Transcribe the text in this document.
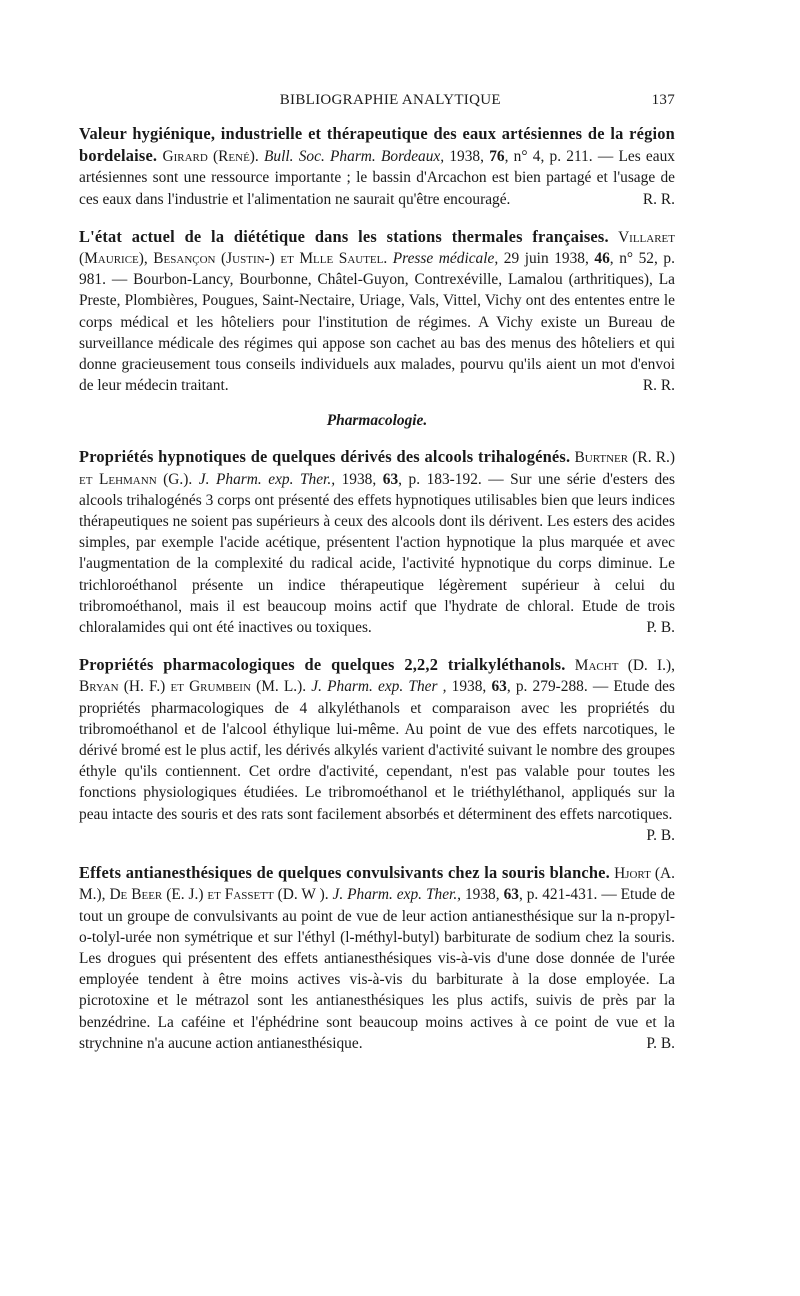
BIBLIOGRAPHIE ANALYTIQUE	137

Valeur hygiénique, industrielle et thérapeutique des eaux artésiennes de la région bordelaise. Girard (René). Bull. Soc. Pharm. Bordeaux, 1938, 76, n° 4, p. 211. — Les eaux artésiennes sont une ressource importante ; le bassin d'Arcachon est bien partagé et l'usage de ces eaux dans l'industrie et l'alimentation ne saurait qu'être encouragé.	R. R.

L'état actuel de la diététique dans les stations thermales françaises. Villaret (Maurice), Besançon (Justin-) et Mlle Sautel. Presse médicale, 29 juin 1938, 46, n° 52, p. 981. — Bourbon-Lancy, Bourbonne, Châtel-Guyon, Contrexéville, Lamalou (arthritiques), La Preste, Plombières, Pougues, Saint-Nectaire, Uriage, Vals, Vittel, Vichy ont des ententes entre le corps médical et les hôteliers pour l'institution de régimes. A Vichy existe un Bureau de surveillance médicale des régimes qui appose son cachet au bas des menus des hôteliers et qui donne gracieusement tous conseils individuels aux malades, pourvu qu'ils aient un mot d'envoi de leur médecin traitant.	R. R.

Pharmacologie.

Propriétés hypnotiques de quelques dérivés des alcools trihalogénés. Burtner (R. R.) et Lehmann (G.). J. Pharm. exp. Ther., 1938, 63, p. 183-192. — Sur une série d'esters des alcools trihalogénés 3 corps ont présenté des effets hypnotiques utilisables bien que leurs indices thérapeutiques ne soient pas supérieurs à ceux des alcools dont ils dérivent. Les esters des acides simples, par exemple l'acide acétique, présentent l'action hypnotique la plus marquée et avec l'augmentation de la complexité du radical acide, l'activité hypnotique du corps diminue. Le trichloroéthanol présente un indice thérapeutique légèrement supérieur à celui du tribromoéthanol, mais il est beaucoup moins actif que l'hydrate de chloral. Etude de trois chloralamides qui ont été inactives ou toxiques.	P. B.

Propriétés pharmacologiques de quelques 2,2,2 trialkyléthanols. Macht (D. I.), Bryan (H. F.) et Grumbein (M. L.). J. Pharm. exp. Ther , 1938, 63, p. 279-288. — Etude des propriétés pharmacologiques de 4 alkyléthanols et comparaison avec les propriétés du tribromoéthanol et de l'alcool éthylique lui-même. Au point de vue des effets narcotiques, le dérivé bromé est le plus actif, les dérivés alkylés varient d'activité suivant le nombre des groupes éthyle qu'ils contiennent. Cet ordre d'activité, cependant, n'est pas valable pour toutes les fonctions physiologiques étudiées. Le tribromoéthanol et le triéthyléthanol, appliqués sur la peau intacte des souris et des rats sont facilement absorbés et déterminent des effets narcotiques.
P. B.

Effets antianesthésiques de quelques convulsivants chez la souris blanche. Hjort (A. M.), De Beer (E. J.) et Fassett (D. W ). J. Pharm. exp. Ther., 1938, 63, p. 421-431. — Etude de tout un groupe de convulsivants au point de vue de leur action antianesthésique sur la n-propyl-o-tolyl-urée non symétrique et sur l'éthyl (l-méthyl-butyl) barbiturate de sodium chez la souris. Les drogues qui présentent des effets antianesthésiques vis-à-vis d'une dose donnée de l'urée employée tendent à être moins actives vis-à-vis du barbiturate à la dose employée. La picrotoxine et le métrazol sont les antianesthésiques les plus actifs, suivis de près par la benzédrine. La caféine et l'éphédrine sont beaucoup moins actives à ce point de vue et la strychnine n'a aucune action antianesthésique.	P. B.
